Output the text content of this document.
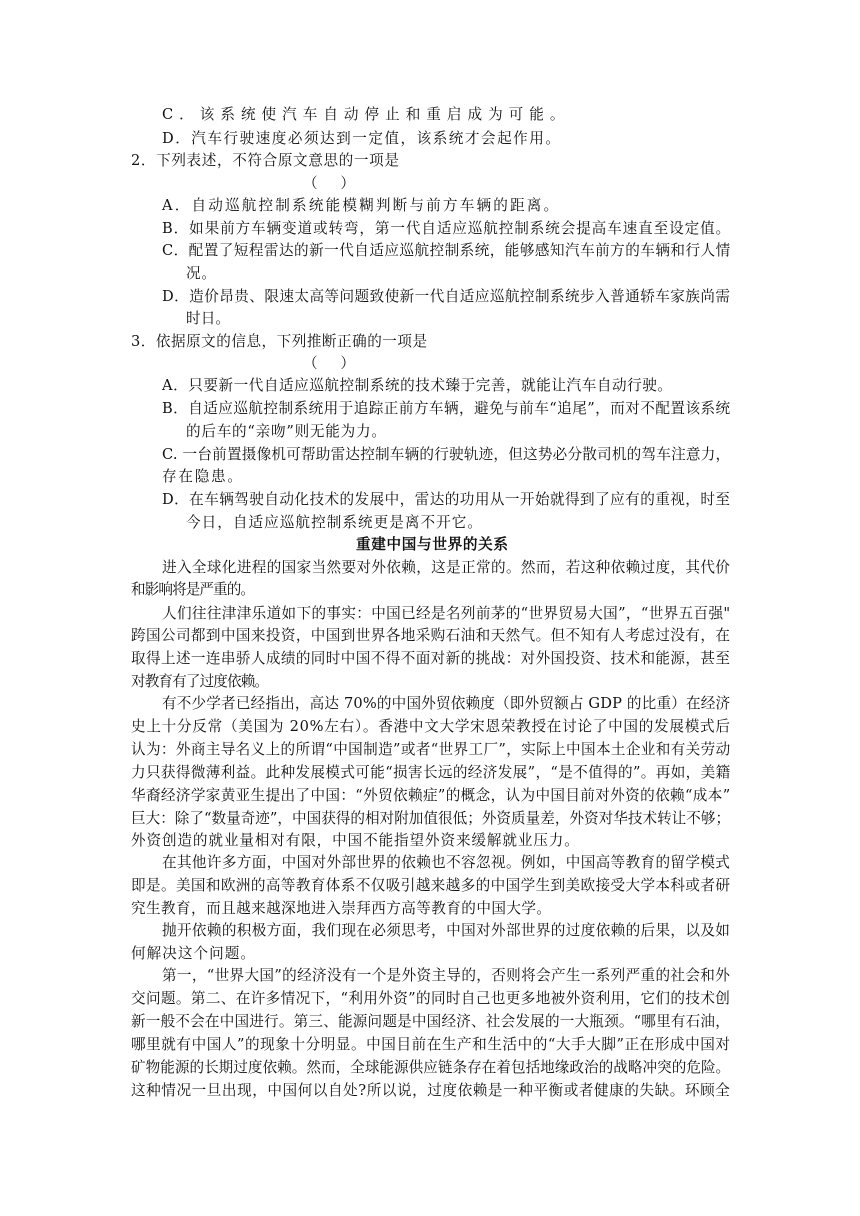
C．该系统使汽车自动停止和重启成为可能。
D．汽车行驶速度必须达到一定值，该系统才会起作用。
2．下列表述，不符合原文意思的一项是
（　　）
A．自动巡航控制系统能模糊判断与前方车辆的距离。
B．如果前方车辆变道或转弯，第一代自适应巡航控制系统会提高车速直至设定值。
C．配置了短程雷达的新一代自适应巡航控制系统，能够感知汽车前方的车辆和行人情
况。
D．造价昂贵、限速太高等问题致使新一代自适应巡航控制系统步入普通轿车家族尚需
时日。
3．依据原文的信息，下列推断正确的一项是
（　　）
A．只要新一代自适应巡航控制系统的技术臻于完善，就能让汽车自动行驶。
B．自适应巡航控制系统用于追踪正前方车辆，避免与前车“追尾”，而对不配置该系统
的后车的“亲吻”则无能为力。
C. 一台前置摄像机可帮助雷达控制车辆的行驶轨迹，但这势必分散司机的驾车注意力，
存在隐患。
D．在车辆驾驶自动化技术的发展中，雷达的功用从一开始就得到了应有的重视，时至
今日，自适应巡航控制系统更是离不开它。
重建中国与世界的关系
进入全球化进程的国家当然要对外依赖，这是正常的。然而，若这种依赖过度，其代价
和影响将是严重的。
人们往往津津乐道如下的事实：中国已经是名列前茅的“世界贸易大国”，“世界五百强"
跨国公司都到中国来投资，中国到世界各地采购石油和天然气。但不知有人考虑过没有，在
取得上述一连串骄人成绩的同时中国不得不面对新的挑战：对外国投资、技术和能源，甚至
对教育有了过度依赖。
有不少学者已经指出，高达 70%的中国外贸依赖度（即外贸额占 GDP 的比重）在经济
史上十分反常（美国为 20%左右）。香港中文大学宋恩荣教授在讨论了中国的发展模式后
认为：外商主导名义上的所谓“中国制造”或者“世界工厂”，实际上中国本土企业和有关劳动
力只获得微薄利益。此种发展模式可能“损害长远的经济发展”，“是不值得的”。再如，美籍
华裔经济学家黄亚生提出了中国：“外贸依赖症”的概念，认为中国目前对外资的依赖“成本”
巨大：除了“数量奇迹”，中国获得的相对附加值很低；外资质量差，外资对华技术转让不够；
外资创造的就业量相对有限，中国不能指望外资来缓解就业压力。
在其他许多方面，中国对外部世界的依赖也不容忽视。例如，中国高等教育的留学模式
即是。美国和欧洲的高等教育体系不仅吸引越来越多的中国学生到美欧接受大学本科或者研
究生教育，而且越来越深地进入崇拜西方高等教育的中国大学。
抛开依赖的积极方面，我们现在必须思考，中国对外部世界的过度依赖的后果，以及如
何解决这个问题。
第一，“世界大国”的经济没有一个是外资主导的，否则将会产生一系列严重的社会和外
交问题。第二、在许多情况下，“利用外资”的同时自己也更多地被外资利用，它们的技术创
新一般不会在中国进行。第三、能源问题是中国经济、社会发展的一大瓶颈。“哪里有石油，
哪里就有中国人”的现象十分明显。中国目前在生产和生活中的“大手大脚”正在形成中国对
矿物能源的长期过度依赖。然而，全球能源供应链条存在着包括地缘政治的战略冲突的危险。
这种情况一旦出现，中国何以自处?所以说，过度依赖是一种平衡或者健康的失缺。环顾全
